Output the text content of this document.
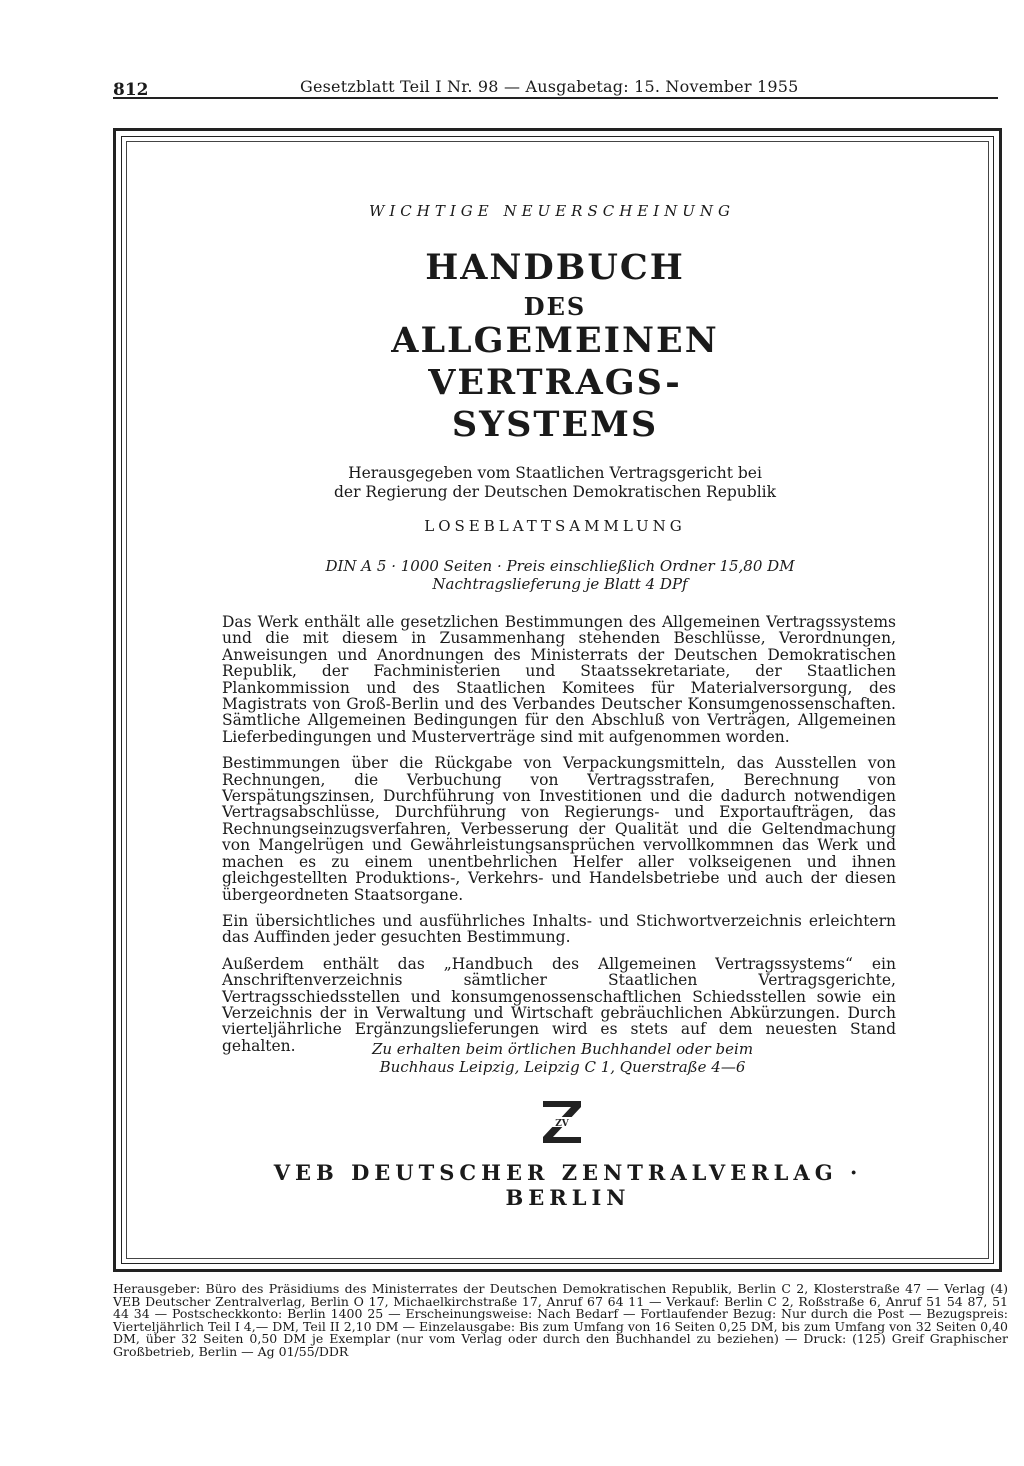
812	Gesetzblatt Teil I Nr. 98 — Ausgabetag: 15. November 1955
WICHTIGE NEUERSCHEINUNG
HANDBUCH
DES
ALLGEMEINEN
VERTRAGS-
SYSTEMS
Herausgegeben vom Staatlichen Vertragsgericht bei
der Regierung der Deutschen Demokratischen Republik
LOSEBLATTSAMMLUNG
DIN A 5 · 1000 Seiten · Preis einschließlich Ordner 15,80 DM
Nachtragslieferung je Blatt 4 DPf

Das Werk enthält alle gesetzlichen Bestimmungen des Allgemeinen Vertragssystems und die mit diesem in Zusammenhang stehenden Beschlüsse, Verordnungen, Anweisungen und Anordnungen des Ministerrats der Deutschen Demokratischen Republik, der Fachministerien und Staatssekretariate, der Staatlichen Plankommission und des Staatlichen Komitees für Materialversorgung, des Magistrats von Groß-Berlin und des Verbandes Deutscher Konsumgenossenschaften. Sämtliche Allgemeinen Bedingungen für den Abschluß von Verträgen, Allgemeinen Lieferbedingungen und Musterverträge sind mit aufgenommen worden.

Bestimmungen über die Rückgabe von Verpackungsmitteln, das Ausstellen von Rechnungen, die Verbuchung von Vertragsstrafen, Berechnung von Verspätungszinsen, Durchführung von Investitionen und die dadurch notwendigen Vertragsabschlüsse, Durchführung von Regierungs- und Exportaufträgen, das Rechnungseinzugsverfahren, Verbesserung der Qualität und die Geltendmachung von Mangelrügen und Gewährleistungsansprüchen vervollkommnen das Werk und machen es zu einem unentbehrlichen Helfer aller volkseigenen und ihnen gleichgestellten Produktions-, Verkehrs- und Handelsbetriebe und auch der diesen übergeordneten Staatsorgane.

Ein übersichtliches und ausführliches Inhalts- und Stichwortverzeichnis erleichtern das Auffinden jeder gesuchten Bestimmung.

Außerdem enthält das „Handbuch des Allgemeinen Vertragssystems“ ein Anschriftenverzeichnis sämtlicher Staatlichen Vertragsgerichte, Vertragsschiedsstellen und konsumgenossenschaftlichen Schiedsstellen sowie ein Verzeichnis der in Verwaltung und Wirtschaft gebräuchlichen Abkürzungen. Durch vierteljährliche Ergänzungslieferungen wird es stets auf dem neuesten Stand gehalten.	Zu erhalten beim örtlichen Buchhandel oder beim
Buchhaus Leipzig, Leipzig C 1, Querstraße 4—6
ZV
VEB DEUTSCHER ZENTRALVERLAG · BERLIN
Herausgeber: Büro des Präsidiums des Ministerrates der Deutschen Demokratischen Republik, Berlin C 2, Klosterstraße 47 — Verlag (4) VEB Deutscher Zentralverlag, Berlin O 17, Michaelkirchstraße 17, Anruf 67 64 11 — Verkauf: Berlin C 2, Roßstraße 6, Anruf 51 54 87, 51 44 34 — Postscheckkonto: Berlin 1400 25 — Erscheinungsweise: Nach Bedarf — Fortlaufender Bezug: Nur durch die Post — Bezugspreis: Vierteljährlich Teil I 4,— DM, Teil II 2,10 DM — Einzelausgabe: Bis zum Umfang von 16 Seiten 0,25 DM, bis zum Umfang von 32 Seiten 0,40 DM, über 32 Seiten 0,50 DM je Exemplar (nur vom Verlag oder durch den Buchhandel zu beziehen) — Druck: (125) Greif Graphischer Großbetrieb, Berlin — Ag 01/55/DDR
